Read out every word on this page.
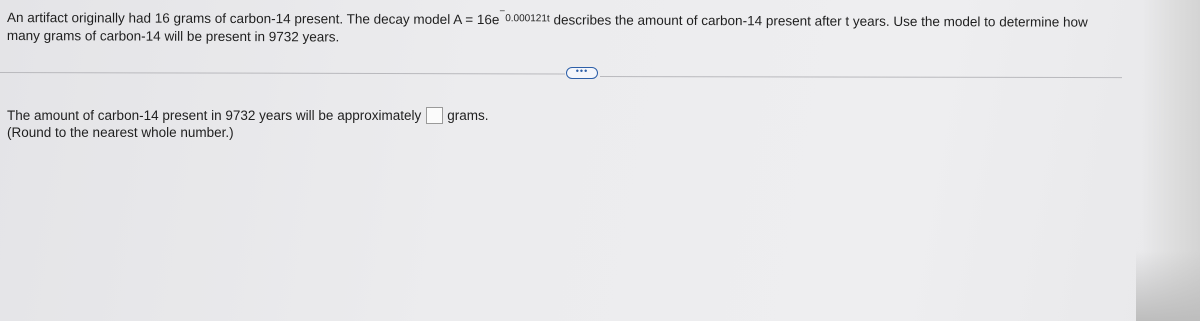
An artifact originally had 16 grams of carbon-14 present. The decay model $A = 16e^{-0.000121t}$ describes the amount of carbon-14 present after t years. Use the model to determine how many grams of carbon-14 will be present in 9732 years.
•••
The amount of carbon-14 present in 9732 years will be approximately grams.
(Round to the nearest whole number.)
